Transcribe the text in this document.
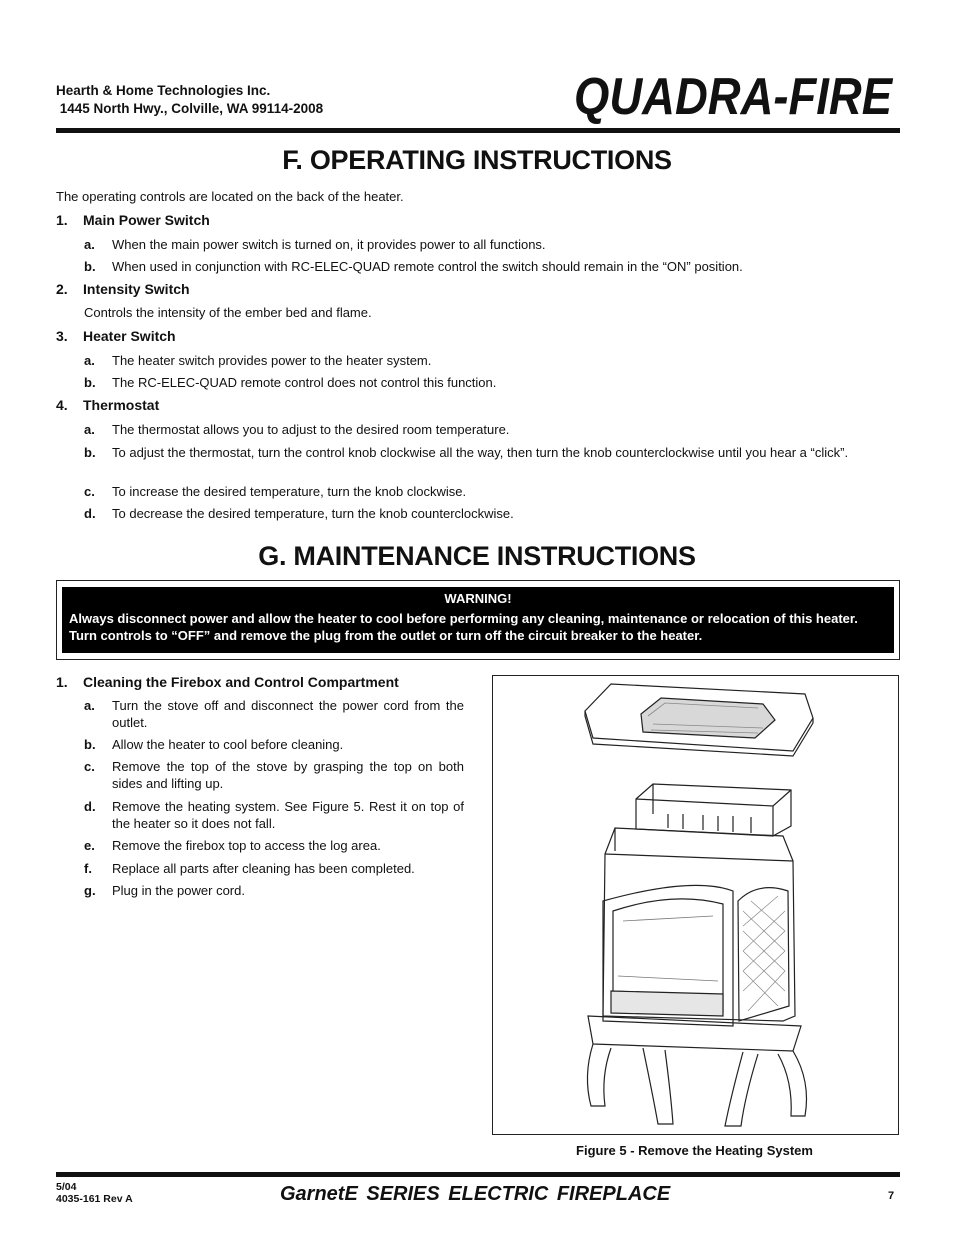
Hearth & Home Technologies Inc.
1445 North Hwy., Colville, WA 99114-2008	QUADRA-FIRE
F. OPERATING INSTRUCTIONS
The operating controls are located on the back of the heater.
1. Main Power Switch
a. When the main power switch is turned on, it provides power to all functions.
b. When used in conjunction with RC-ELEC-QUAD remote control the switch should remain in the “ON” position.
2. Intensity Switch
Controls the intensity of the ember bed and flame.
3. Heater Switch
a. The heater switch provides power to the heater system.
b. The RC-ELEC-QUAD remote control does not control this function.
4. Thermostat
a. The thermostat allows you to adjust to the desired room temperature.
b. To adjust the thermostat, turn the control knob clockwise all the way, then turn the knob counterclockwise until you hear a “click”.
c. To increase the desired temperature, turn the knob clockwise.
d. To decrease the desired temperature, turn the knob counterclockwise.
G. MAINTENANCE INSTRUCTIONS
WARNING!
Always disconnect power and allow the heater to cool before performing any cleaning, maintenance or relocation of this heater. Turn controls to “OFF” and remove the plug from the outlet or turn off the circuit breaker to the heater.
1. Cleaning the Firebox and Control Compartment
a. Turn the stove off and disconnect the power cord from the outlet.
b. Allow the heater to cool before cleaning.
c. Remove the top of the stove by grasping the top on both sides and lifting up.
d. Remove the heating system. See Figure 5. Rest it on top of the heater so it does not fall.
e. Remove the firebox top to access the log area.
f. Replace all parts after cleaning has been completed.
g. Plug in the power cord.
Figure 5 - Remove the Heating System
5/04
4035-161 Rev A	GarnetE SERIES ELECTRIC FIREPLACE	7
